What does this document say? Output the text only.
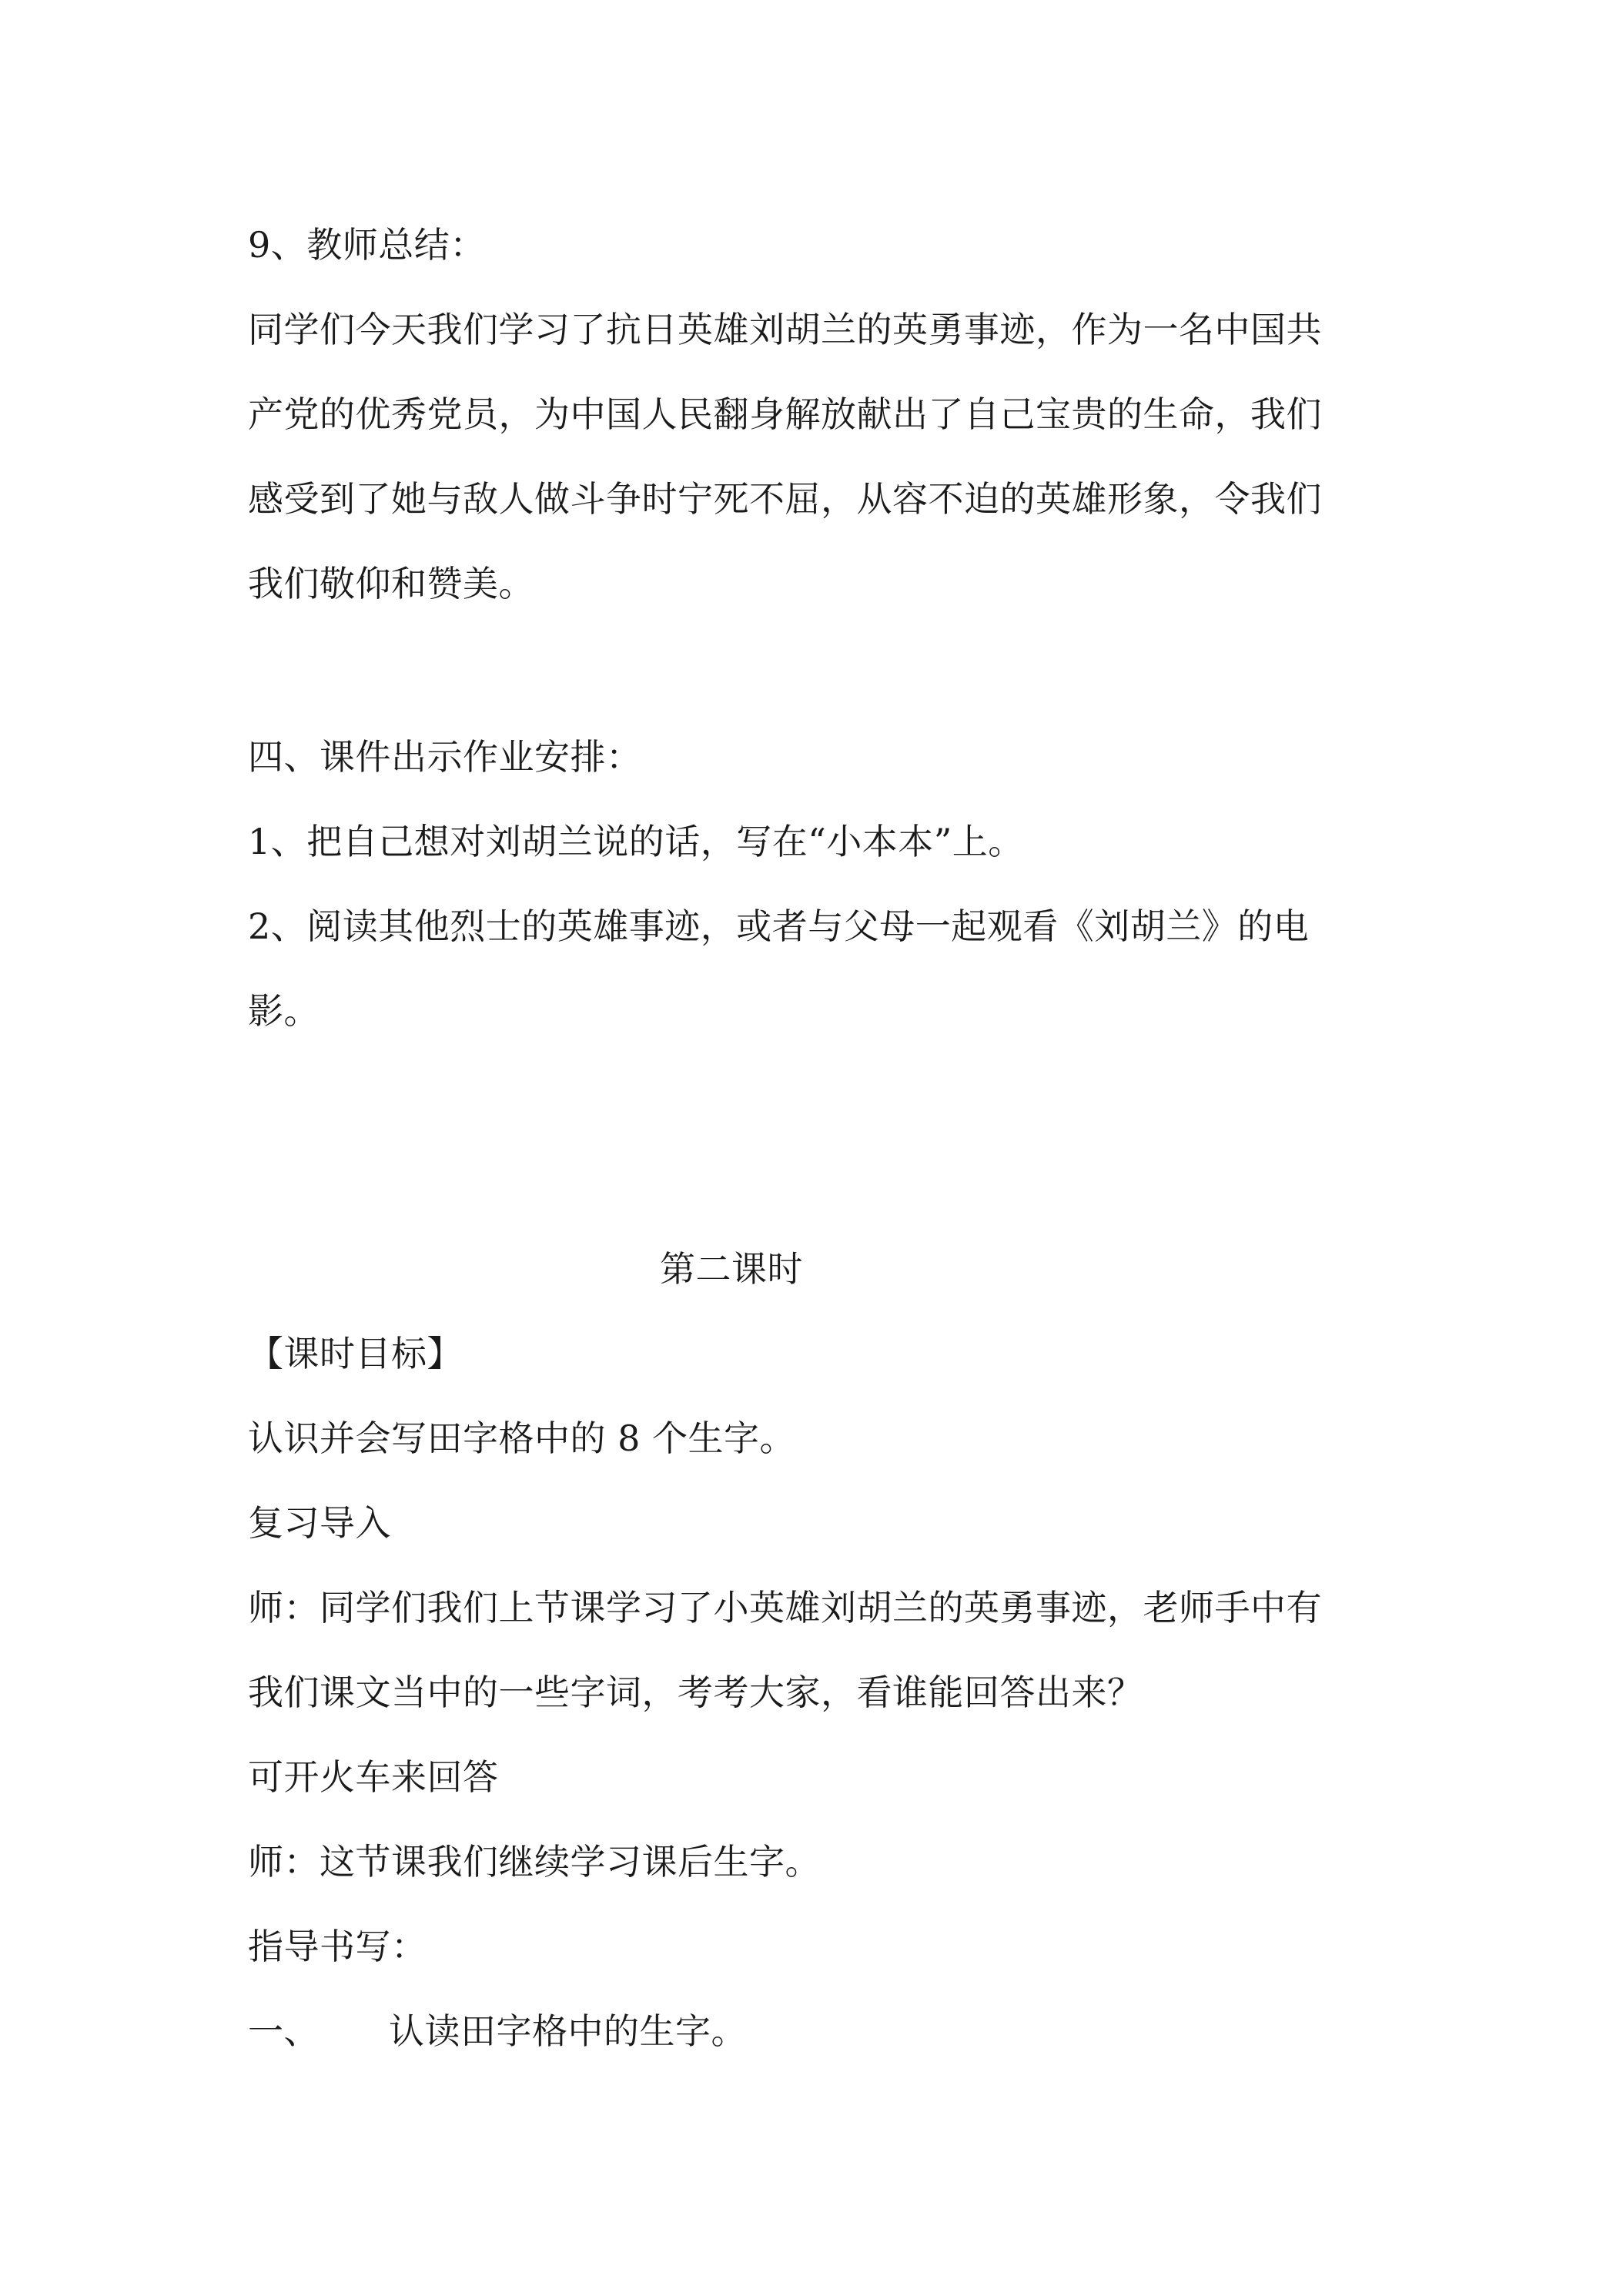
9、教师总结：
同学们今天我们学习了抗日英雄刘胡兰的英勇事迹，作为一名中国共
产党的优秀党员，为中国人民翻身解放献出了自己宝贵的生命，我们
感受到了她与敌人做斗争时宁死不屈，从容不迫的英雄形象，令我们
我们敬仰和赞美。
四、课件出示作业安排：
1、把自己想对刘胡兰说的话，写在“小本本”上。
2、阅读其他烈士的英雄事迹，或者与父母一起观看《刘胡兰》的电
影。
第二课时
【课时目标】
认识并会写田字格中的 8 个生字。
复习导入
师：同学们我们上节课学习了小英雄刘胡兰的英勇事迹，老师手中有
我们课文当中的一些字词，考考大家，看谁能回答出来？
可开火车来回答
师：这节课我们继续学习课后生字。
指导书写：
一、 认读田字格中的生字。
